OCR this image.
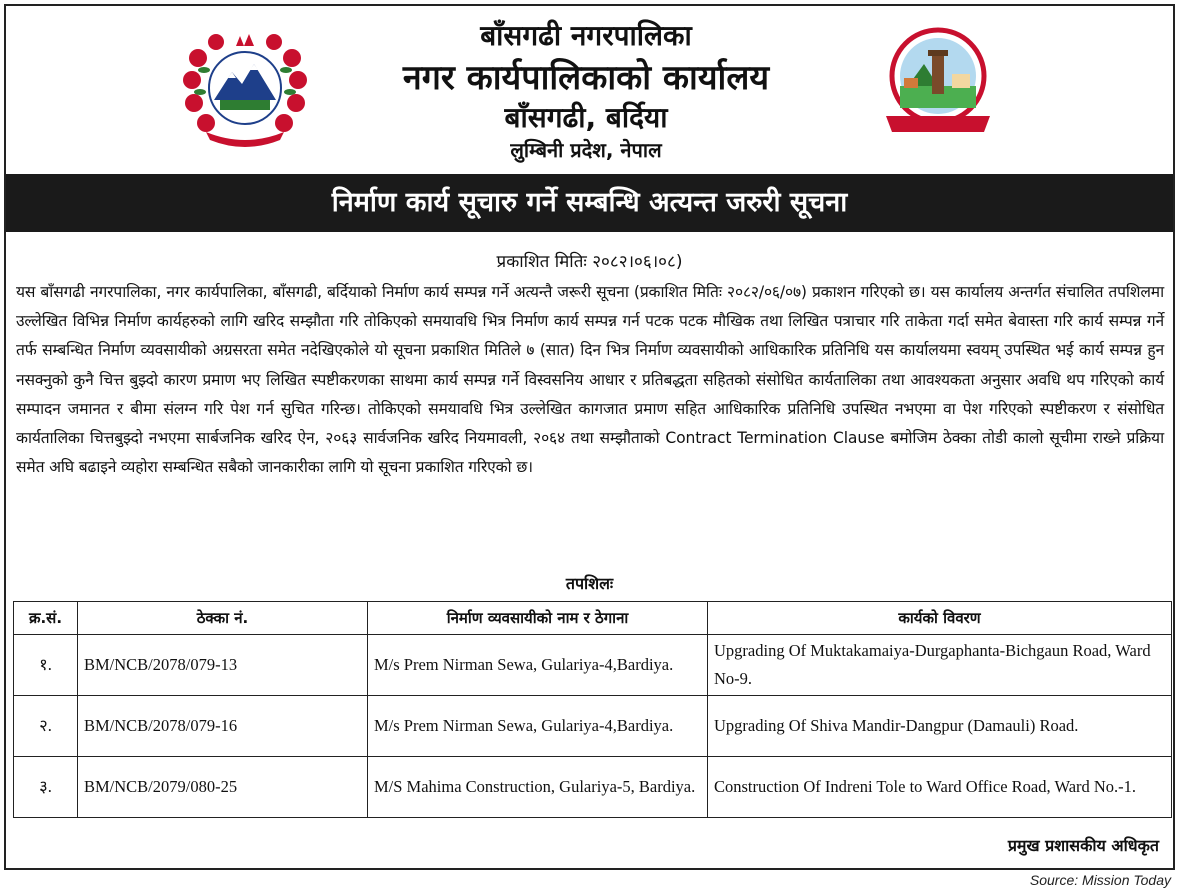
बाँसगढी नगरपालिका
नगर कार्यपालिकाको कार्यालय
बाँसगढी, बर्दिया
लुम्बिनी प्रदेश, नेपाल
निर्माण कार्य सूचारु गर्ने सम्बन्धि अत्यन्त जरुरी सूचना
प्रकाशित मितिः २०८२।०६।०८)
यस बाँसगढी नगरपालिका, नगर कार्यपालिका, बाँसगढी, बर्दियाको निर्माण कार्य सम्पन्न गर्ने अत्यन्तै जरूरी सूचना (प्रकाशित मितिः २०८२/०६/०७) प्रकाशन गरिएको छ। यस कार्यालय अन्तर्गत संचालित तपशिलमा उल्लेखित विभिन्न निर्माण कार्यहरुको लागि खरिद सम्झौता गरि तोकिएको समयावधि भित्र निर्माण कार्य सम्पन्न गर्न पटक पटक मौखिक तथा लिखित पत्राचार गरि ताकेता गर्दा समेत बेवास्ता गरि कार्य सम्पन्न गर्ने तर्फ सम्बन्धित निर्माण व्यवसायीको अग्रसरता समेत नदेखिएकोले यो सूचना प्रकाशित मितिले ७ (सात) दिन भित्र निर्माण व्यवसायीको आधिकारिक प्रतिनिधि यस कार्यालयमा स्वयम् उपस्थित भई कार्य सम्पन्न हुन नसक्नुको कुनै चित्त बुझ्दो कारण प्रमाण भए लिखित स्पष्टीकरणका साथमा कार्य सम्पन्न गर्ने विस्वसनिय आधार र प्रतिबद्धता सहितको संसोधित कार्यतालिका तथा आवश्यकता अनुसार अवधि थप गरिएको कार्य सम्पादन जमानत र बीमा संलग्न गरि पेश गर्न सुचित गरिन्छ। तोकिएको समयावधि भित्र उल्लेखित कागजात प्रमाण सहित आधिकारिक प्रतिनिधि उपस्थित नभएमा वा पेश गरिएको स्पष्टीकरण र संसोधित कार्यतालिका चित्तबुझ्दो नभएमा सार्बजनिक खरिद ऐन, २०६३ सार्वजनिक खरिद नियमावली, २०६४ तथा सम्झौताको Contract Termination Clause बमोजिम ठेक्का तोडी कालो सूचीमा राख्ने प्रक्रिया समेत अघि बढाइने व्यहोरा सम्बन्धित सबैको जानकारीका लागि यो सूचना प्रकाशित गरिएको छ।
तपशिलः
क्र.सं.	ठेक्का नं.	निर्माण व्यवसायीको नाम र ठेगाना	कार्यको विवरण
१.	BM/NCB/2078/079-13	M/s Prem Nirman Sewa, Gulariya-4,Bardiya.	Upgrading Of Muktakamaiya-Durgaphanta-Bichgaun Road, Ward No-9.
२.	BM/NCB/2078/079-16	M/s Prem Nirman Sewa, Gulariya-4,Bardiya.	Upgrading Of Shiva Mandir-Dangpur (Damauli) Road.
३.	BM/NCB/2079/080-25	M/S Mahima Construction, Gulariya-5, Bardiya.	Construction Of Indreni Tole to Ward Office Road, Ward No.-1.
प्रमुख प्रशासकीय अधिकृत
Source: Mission Today
